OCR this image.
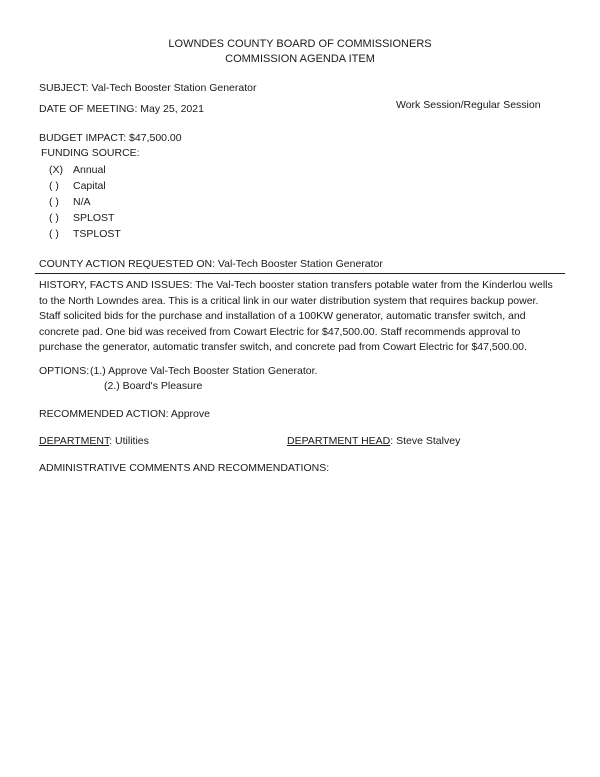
LOWNDES COUNTY BOARD OF COMMISSIONERS
COMMISSION AGENDA ITEM
SUBJECT: Val-Tech Booster Station Generator
DATE OF MEETING: May 25, 2021	Work Session/Regular Session
BUDGET IMPACT: $47,500.00
FUNDING SOURCE:
(X) Annual
( ) Capital
( ) N/A
( ) SPLOST
( ) TSPLOST
COUNTY ACTION REQUESTED ON: Val-Tech Booster Station Generator
HISTORY, FACTS AND ISSUES: The Val-Tech booster station transfers potable water from the Kinderlou wells to the North Lowndes area. This is a critical link in our water distribution system that requires backup power. Staff solicited bids for the purchase and installation of a 100KW generator, automatic transfer switch, and concrete pad. One bid was received from Cowart Electric for $47,500.00. Staff recommends approval to purchase the generator, automatic transfer switch, and concrete pad from Cowart Electric for $47,500.00.
OPTIONS: (1.) Approve Val-Tech Booster Station Generator.
(2.) Board's Pleasure
RECOMMENDED ACTION: Approve
DEPARTMENT: Utilities	DEPARTMENT HEAD: Steve Stalvey
ADMINISTRATIVE COMMENTS AND RECOMMENDATIONS:
